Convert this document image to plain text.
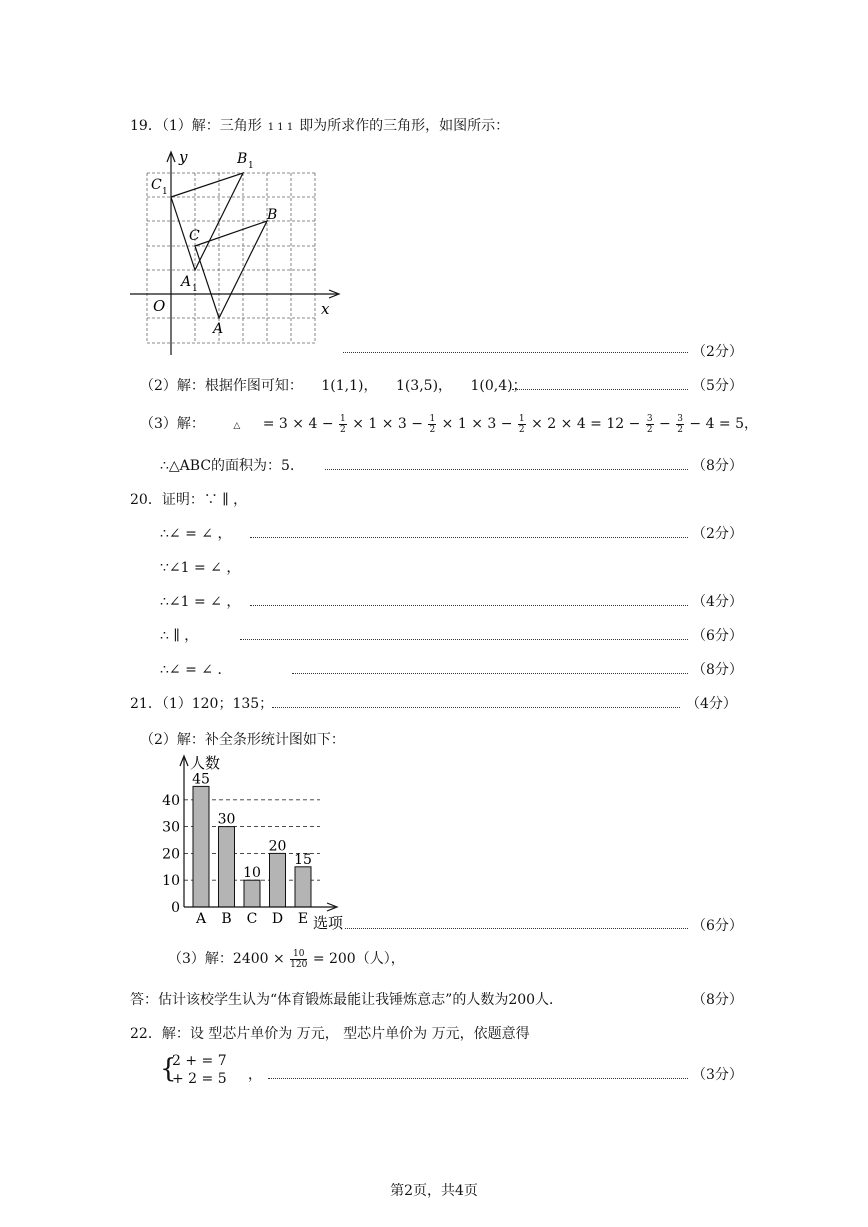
19．（1）解：三角形 1 1 1 即为所求作的三角形，如图所示：
y
x
O
B 1
C 1
C
B
A 1
A
（2分）
（2）解：根据作图可知： 1(1,1)， 1(3,5)， 1(0,4)；	（5分）
（3）解：	△ = $3 \times 4 - \frac{1}{2} \times 1 \times 3 - \frac{1}{2} \times 1 \times 3 - \frac{1}{2} \times 2 \times 4 = 12 - \frac{3}{2} - \frac{3}{2} - 4 = 5$，
∴△ABC的面积为：5．	（8分）
20．证明：∵ ∥ ，
∴∠ = ∠ ，	（2分）
∵∠1 = ∠ ，
∴∠1 = ∠ ，	（4分）
∴ ∥ ，	（6分）
∴∠ = ∠ ．	（8分）
21．（1）120；135；	（4分）
（2）解：补全条形统计图如下：
人数
选项
0
10
20
30
40
45
A
30
B
10
C
20
D
15
E	（6分）
（3）解：$2400 \times \frac{10}{120} = 200$（人），
答：估计该校学生认为“体育锻炼最能让我锤炼意志”的人数为200人．	（8分）
22．解：设 型芯片单价为 万元， 型芯片单价为 万元，依题意得
{
2 + = 7
+ 2 = 5 ，	（3分）
第2页，共4页
